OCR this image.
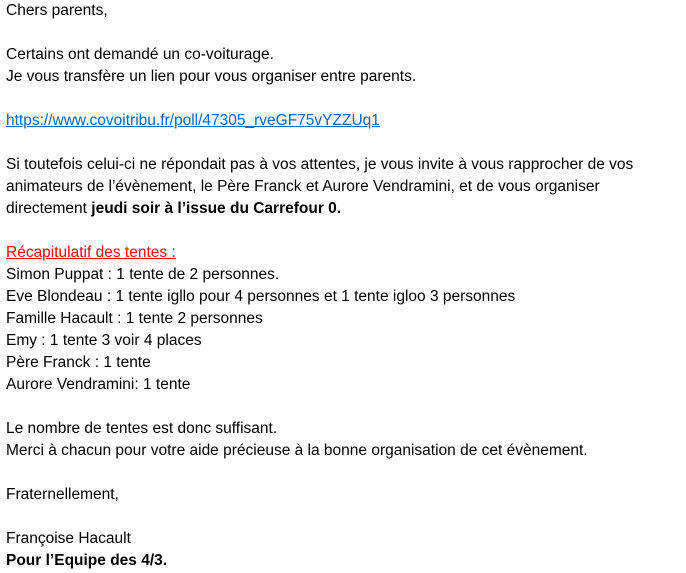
Chers parents,
Certains ont demandé un co-voiturage.
Je vous transfère un lien pour vous organiser entre parents.
https://www.covoitribu.fr/poll/47305_rveGF75vYZZUq1
Si toutefois celui-ci ne répondait pas à vos attentes, je vous invite à vous rapprocher de vos
animateurs de l’évènement, le Père Franck et Aurore Vendramini, et de vous organiser
directement jeudi soir à l’issue du Carrefour 0.
Récapitulatif des tentes :
Simon Puppat : 1 tente de 2 personnes.
Eve Blondeau : 1 tente igllo pour 4 personnes et 1 tente igloo 3 personnes
Famille Hacault : 1 tente 2 personnes
Emy : 1 tente 3 voir 4 places
Père Franck : 1 tente
Aurore Vendramini: 1 tente
Le nombre de tentes est donc suffisant.
Merci à chacun pour votre aide précieuse à la bonne organisation de cet évènement.
Fraternellement,
Françoise Hacault
Pour l’Equipe des 4/3.
